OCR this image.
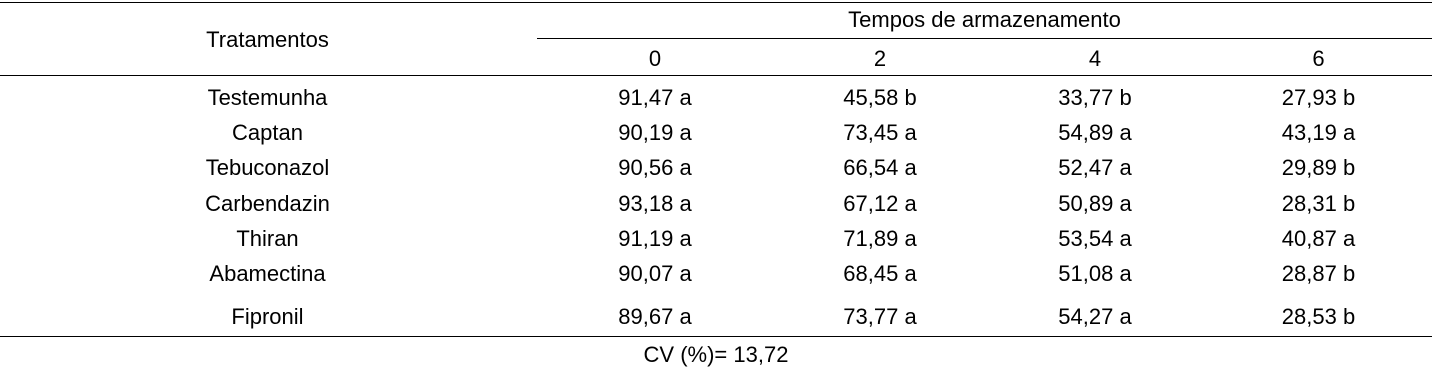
Tratamentos
Tempos de armazenamento
0	2	4	6
Testemunha	91,47 a	45,58 b	33,77 b	27,93 b
Captan	90,19 a	73,45 a	54,89 a	43,19 a
Tebuconazol	90,56 a	66,54 a	52,47 a	29,89 b
Carbendazin	93,18 a	67,12 a	50,89 a	28,31 b
Thiran	91,19 a	71,89 a	53,54 a	40,87 a
Abamectina	90,07 a	68,45 a	51,08 a	28,87 b
Fipronil	89,67 a	73,77 a	54,27 a	28,53 b
CV (%)= 13,72
